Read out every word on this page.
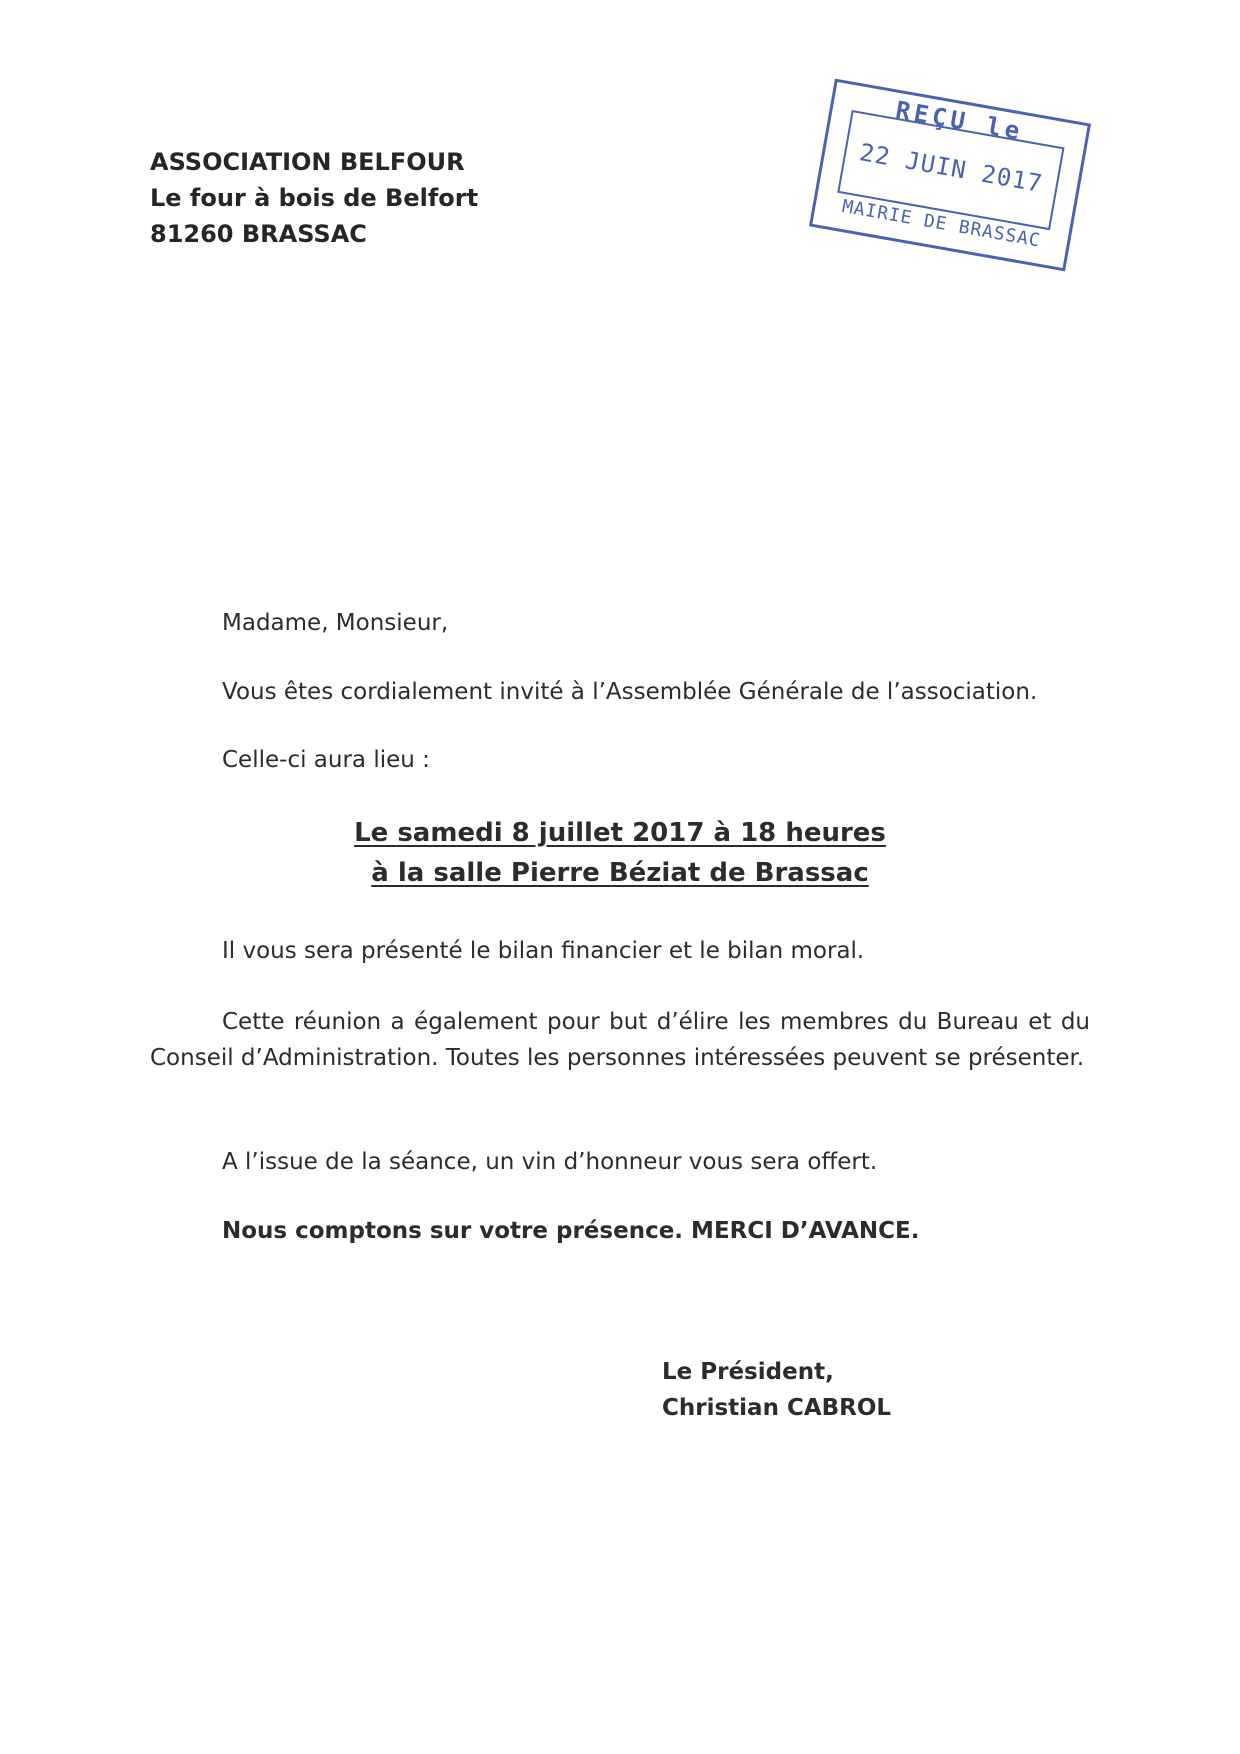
ASSOCIATION BELFOUR
Le four à bois de Belfort
81260 BRASSAC
REÇU le
22 JUIN 2017
MAIRIE DE BRASSAC
Madame, Monsieur,
Vous êtes cordialement invité à l’Assemblée Générale de l’association.
Celle-ci aura lieu :
Le samedi 8 juillet 2017 à 18 heures
à la salle Pierre Béziat de Brassac
Il vous sera présenté le bilan financier et le bilan moral.
Cette réunion a également pour but d’élire les membres du Bureau et du Conseil d’Administration. Toutes les personnes intéressées peuvent se présenter.
A l’issue de la séance, un vin d’honneur vous sera offert.
Nous comptons sur votre présence. MERCI D’AVANCE.
Le Président,
Christian CABROL
